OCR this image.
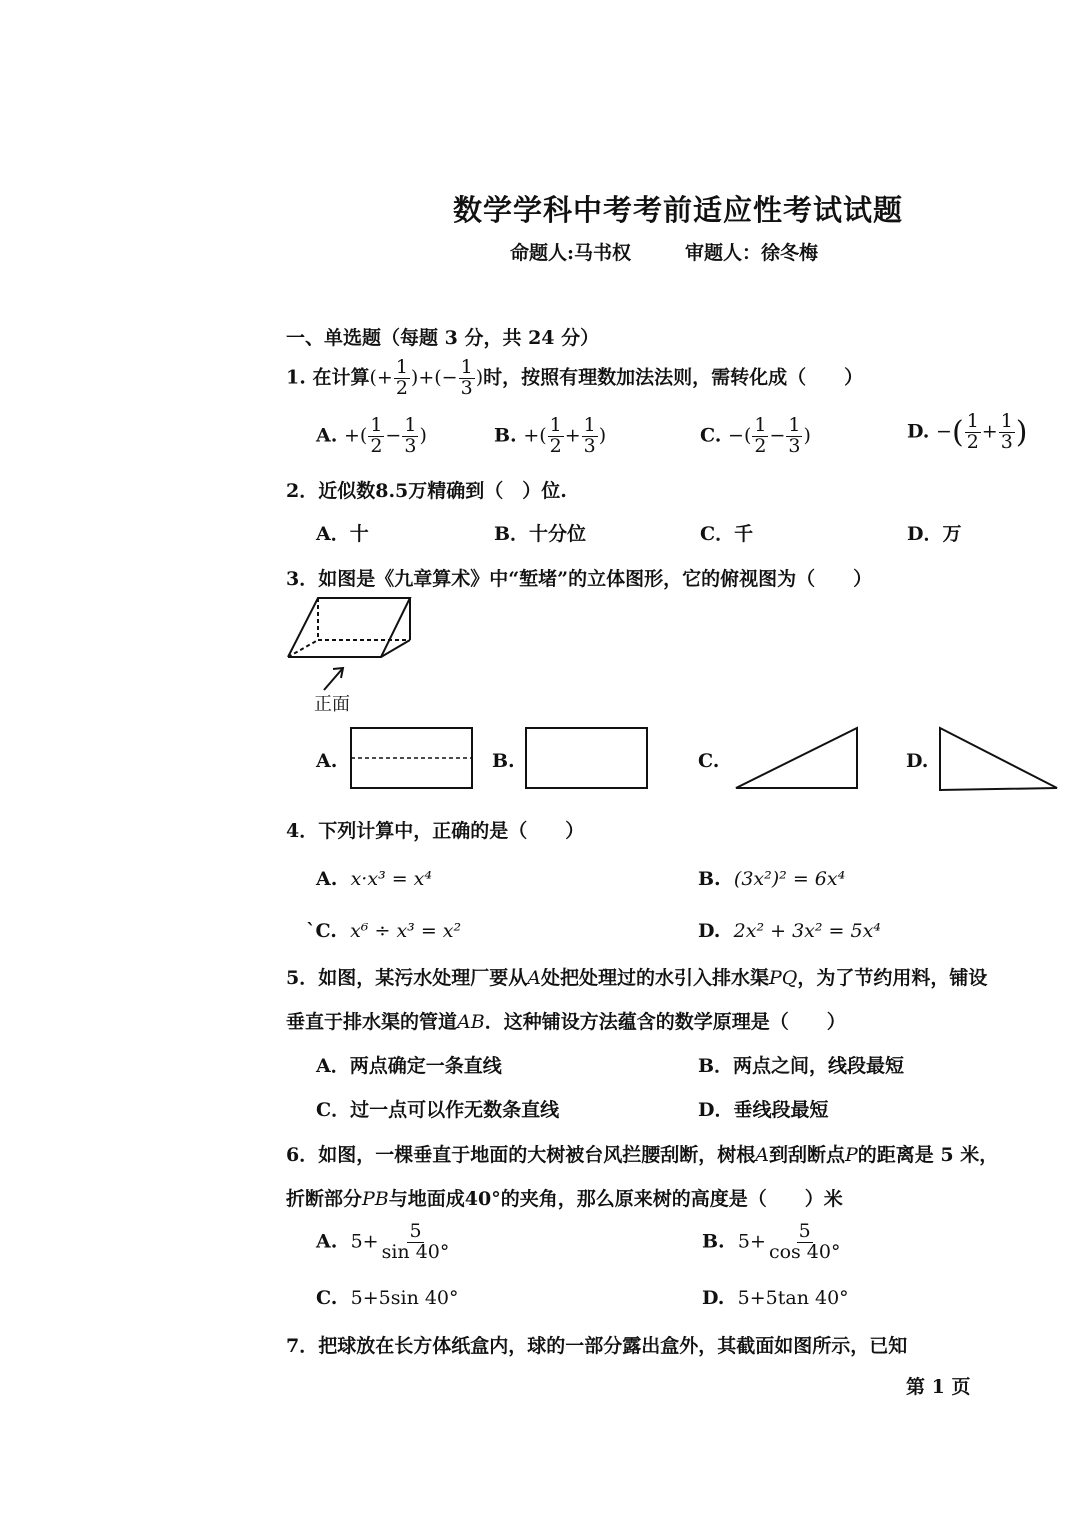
数学学科中考考前适应性考试试题
命题人:马书权	审题人：徐冬梅
一、单选题（每题 3 分，共 24 分）
1. 在计算(+ $\frac{1}{2}$ )+(− $\frac{1}{3}$ )时，按照有理数加法法则，需转化成（　　）
A. +( $\frac{1}{2} - \frac{1}{3}$ )	B. +( $\frac{1}{2} + \frac{1}{3}$ )	C. −( $\frac{1}{2} - \frac{1}{3}$ )	D. −( $\frac{1}{2} + \frac{1}{3}$ )
2．近似数8.5万精确到（　）位.
A．十	B．十分位	C．千	D．万
3．如图是《九章算术》中“堑堵”的立体图形，它的俯视图为（　　）
正面
A.	B.	C.	D.
4．下列计算中，正确的是（　　）
A. x·x³ = x⁴	B. (3x²)² = 6x⁴
ˋC. x⁶ ÷ x³ = x²	D. 2x² + 3x² = 5x⁴
5．如图，某污水处理厂要从A处把处理过的水引入排水渠PQ，为了节约用料，铺设
垂直于排水渠的管道AB．这种铺设方法蕴含的数学原理是（　　）
A．两点确定一条直线	B．两点之间，线段最短
C．过一点可以作无数条直线	D．垂线段最短
6．如图，一棵垂直于地面的大树被台风拦腰刮断，树根A到刮断点P的距离是 5 米，
折断部分PB与地面成40°的夹角，那么原来树的高度是（　　）米
A. $5+ \frac{5}{\sin 40^\circ}$	B. $5+ \frac{5}{\cos 40^\circ}$
C. 5+5sin 40°	D. 5+5tan 40°
7．把球放在长方体纸盒内，球的一部分露出盒外，其截面如图所示，已知
第 1 页
